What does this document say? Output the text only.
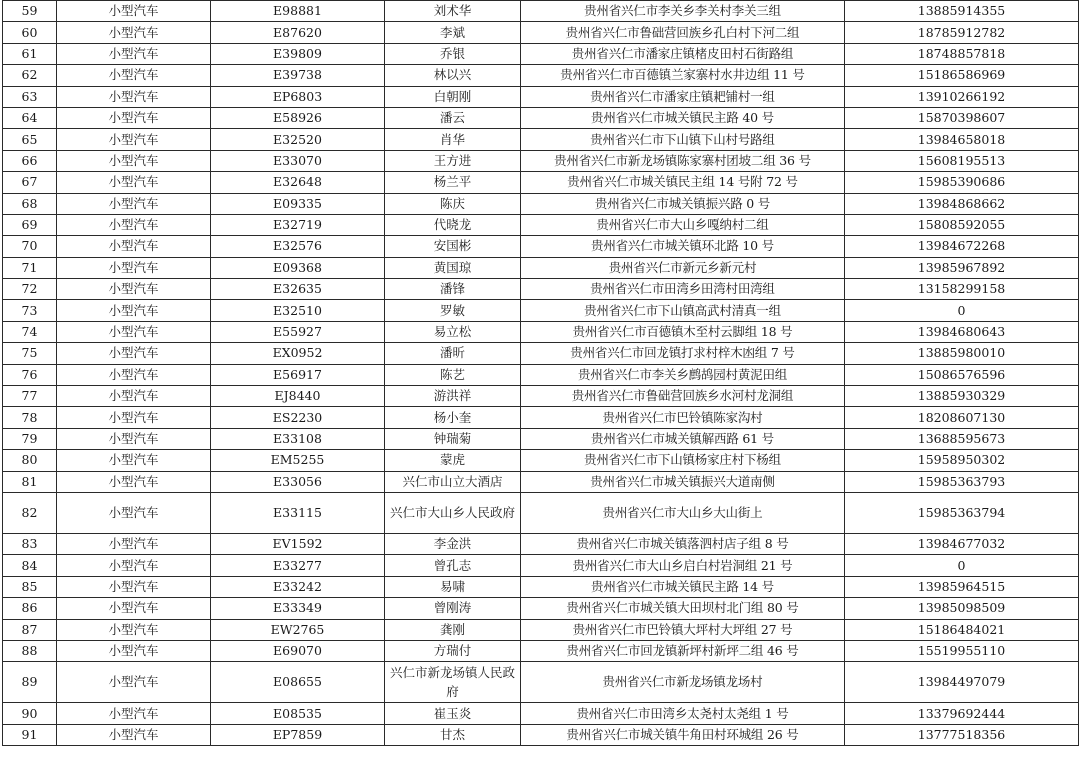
59	小型汽车	E98881	刘术华	贵州省兴仁市李关乡李关村李关三组	13885914355
60	小型汽车	E87620	李斌	贵州省兴仁市鲁础营回族乡孔白村下河二组	18785912782
61	小型汽车	E39809	乔银	贵州省兴仁市潘家庄镇楮皮田村石街路组	18748857818
62	小型汽车	E39738	林以兴	贵州省兴仁市百德镇兰家寨村水井边组 11 号	15186586969
63	小型汽车	EP6803	白朝刚	贵州省兴仁市潘家庄镇耙铺村一组	13910266192
64	小型汽车	E58926	潘云	贵州省兴仁市城关镇民主路 40 号	15870398607
65	小型汽车	E32520	肖华	贵州省兴仁市下山镇下山村号路组	13984658018
66	小型汽车	E33070	王方进	贵州省兴仁市新龙场镇陈家寨村团坡二组 36 号	15608195513
67	小型汽车	E32648	杨兰平	贵州省兴仁市城关镇民主组 14 号附 72 号	15985390686
68	小型汽车	E09335	陈庆	贵州省兴仁市城关镇振兴路 0 号	13984868662
69	小型汽车	E32719	代晓龙	贵州省兴仁市大山乡嘎纳村二组	15808592055
70	小型汽车	E32576	安国彬	贵州省兴仁市城关镇环北路 10 号	13984672268
71	小型汽车	E09368	黄国琼	贵州省兴仁市新元乡新元村	13985967892
72	小型汽车	E32635	潘锋	贵州省兴仁市田湾乡田湾村田湾组	13158299158
73	小型汽车	E32510	罗敏	贵州省兴仁市下山镇高武村清真一组	0
74	小型汽车	E55927	易立松	贵州省兴仁市百德镇木至村云脚组 18 号	13984680643
75	小型汽车	EX0952	潘昕	贵州省兴仁市回龙镇打求村梓木凼组 7 号	13885980010
76	小型汽车	E56917	陈艺	贵州省兴仁市李关乡鹧鸪园村黄泥田组	15086576596
77	小型汽车	EJ8440	游洪祥	贵州省兴仁市鲁础营回族乡水河村龙洞组	13885930329
78	小型汽车	ES2230	杨小奎	贵州省兴仁市巴铃镇陈家沟村	18208607130
79	小型汽车	E33108	钟瑞菊	贵州省兴仁市城关镇解西路 61 号	13688595673
80	小型汽车	EM5255	蒙虎	贵州省兴仁市下山镇杨家庄村下杨组	15958950302
81	小型汽车	E33056	兴仁市山立大酒店	贵州省兴仁市城关镇振兴大道南侧	15985363793
82	小型汽车	E33115	兴仁市大山乡人民政府	贵州省兴仁市大山乡大山街上	15985363794
83	小型汽车	EV1592	李金洪	贵州省兴仁市城关镇落泗村店子组 8 号	13984677032
84	小型汽车	E33277	曾孔志	贵州省兴仁市大山乡启白村岩洞组 21 号	0
85	小型汽车	E33242	易啸	贵州省兴仁市城关镇民主路 14 号	13985964515
86	小型汽车	E33349	曾刚涛	贵州省兴仁市城关镇大田坝村北门组 80 号	13985098509
87	小型汽车	EW2765	龚刚	贵州省兴仁市巴铃镇大坪村大坪组 27 号	15186484021
88	小型汽车	E69070	方瑞付	贵州省兴仁市回龙镇新坪村新坪二组 46 号	15519955110
89	小型汽车	E08655	兴仁市新龙场镇人民政府	贵州省兴仁市新龙场镇龙场村	13984497079
90	小型汽车	E08535	崔玉炎	贵州省兴仁市田湾乡太尧村太尧组 1 号	13379692444
91	小型汽车	EP7859	甘杰	贵州省兴仁市城关镇牛角田村环城组 26 号	13777518356
